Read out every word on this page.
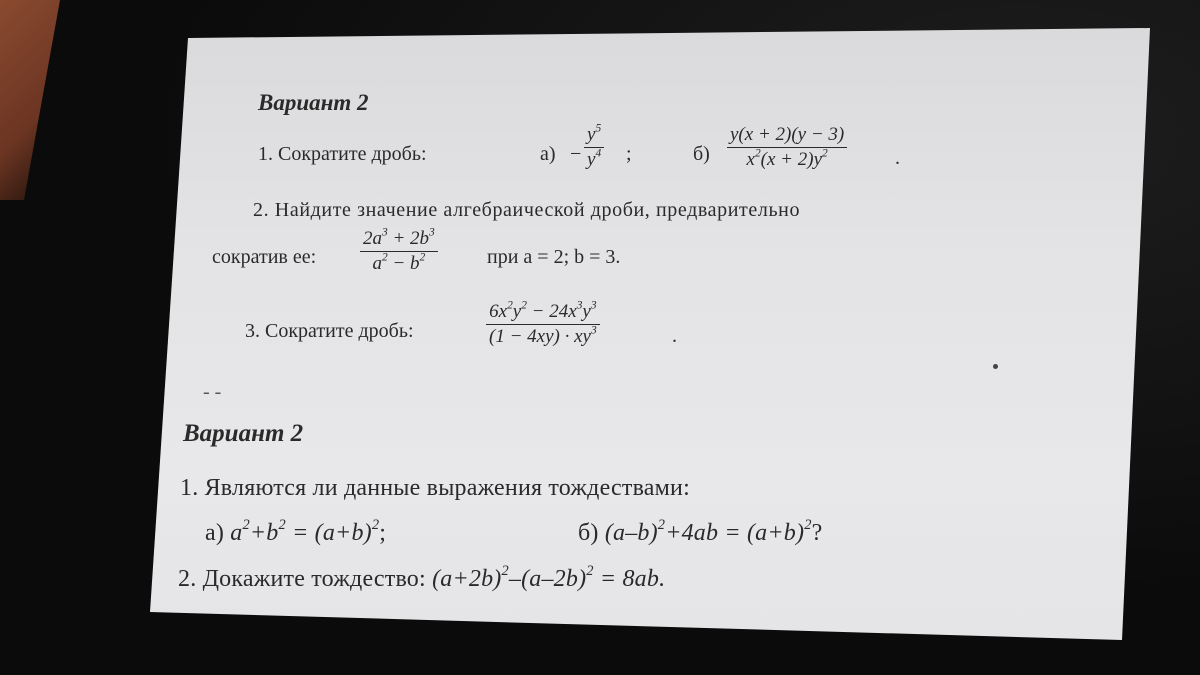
Вариант 2
1. Сократите дробь:	а) −
$y^5$
$y^4$ ;	б)
y(x + 2)(y − 3)
$x^2(x + 2)y^2$	.
2. Найдите значение алгебраической дроби, предварительно
сократив ее:
$2a^3 + 2b^3$
$a^2 - b^2$	при a = 2; b = 3.
3. Сократите дробь:
$6x^2y^2 - 24x^3y^3$
$(1 - 4xy) \cdot xy^3$	.
- -
Вариант 2
1. Являются ли данные выражения тождествами:
а) $a^2+b^2 = (a+b)^2$;	б) $(a-b)^2+4ab = (a+b)^2$?
2. Докажите тождество: $(a+2b)^2-(a-2b)^2 = 8ab$.
